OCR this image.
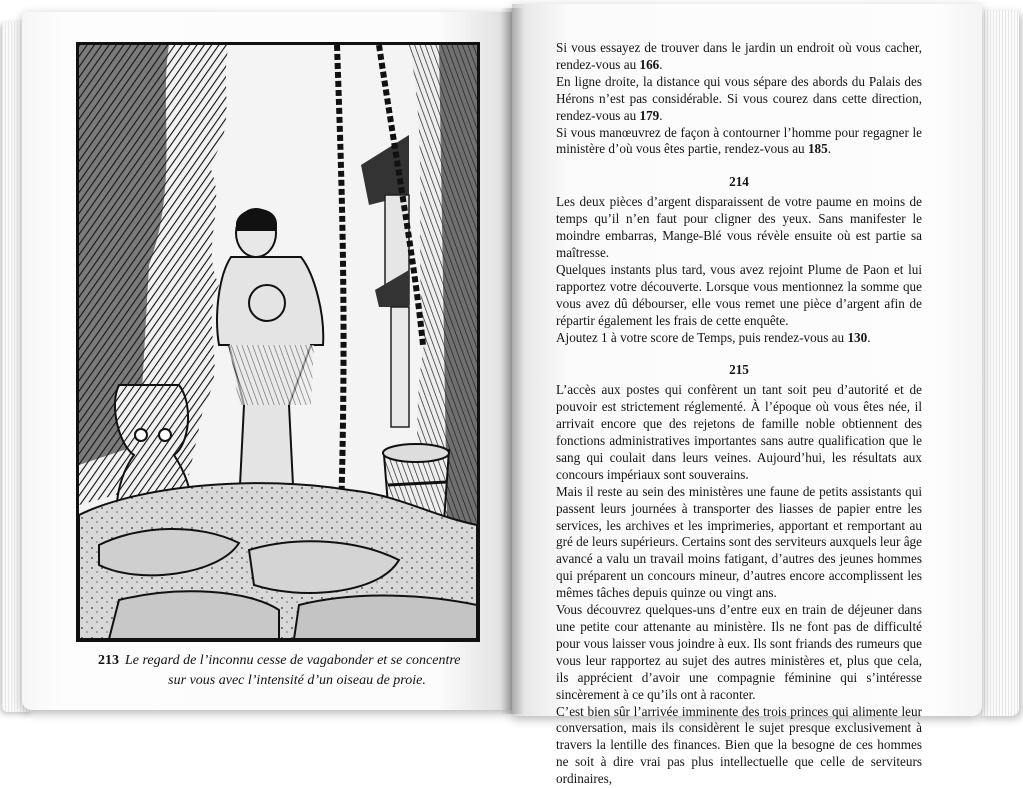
213 Le regard de l’inconnu cesse de vagabonder et se concentre
sur vous avec l’intensité d’un oiseau de proie.

Si vous essayez de trouver dans le jardin un endroit où vous cacher, rendez-vous au 166.

En ligne droite, la distance qui vous sépare des abords du Palais des Hérons n’est pas considérable. Si vous courez dans cette direction, rendez-vous au 179.

Si vous manœuvrez de façon à contourner l’homme pour regagner le ministère d’où vous êtes partie, rendez-vous au 185.

214

Les deux pièces d’argent disparaissent de votre paume en moins de temps qu’il n’en faut pour cligner des yeux. Sans manifester le moindre embarras, Mange-Blé vous révèle ensuite où est partie sa maîtresse.

Quelques instants plus tard, vous avez rejoint Plume de Paon et lui rapportez votre découverte. Lorsque vous mentionnez la somme que vous avez dû débourser, elle vous remet une pièce d’argent afin de répartir également les frais de cette enquête.

Ajoutez 1 à votre score de Temps, puis rendez-vous au 130.

215

L’accès aux postes qui confèrent un tant soit peu d’autorité et de pouvoir est strictement réglementé. À l’époque où vous êtes née, il arrivait encore que des rejetons de famille noble obtiennent des fonctions administratives importantes sans autre qualification que le sang qui coulait dans leurs veines. Aujourd’hui, les résultats aux concours impériaux sont souverains.

Mais il reste au sein des ministères une faune de petits assistants qui passent leurs journées à transporter des liasses de papier entre les services, les archives et les imprimeries, apportant et remportant au gré de leurs supérieurs. Certains sont des serviteurs auxquels leur âge avancé a valu un travail moins fatigant, d’autres des jeunes hommes qui préparent un concours mineur, d’autres encore accomplissent les mêmes tâches depuis quinze ou vingt ans.

Vous découvrez quelques-uns d’entre eux en train de déjeuner dans une petite cour attenante au ministère. Ils ne font pas de difficulté pour vous laisser vous joindre à eux. Ils sont friands des rumeurs que vous leur rapportez au sujet des autres ministères et, plus que cela, ils apprécient d’avoir une compagnie féminine qui s’intéresse sincèrement à ce qu’ils ont à raconter.

C’est bien sûr l’arrivée imminente des trois princes qui alimente leur conversation, mais ils considèrent le sujet presque exclusivement à travers la lentille des finances. Bien que la besogne de ces hommes ne soit à dire vrai pas plus intellectuelle que celle de serviteurs ordinaires,
